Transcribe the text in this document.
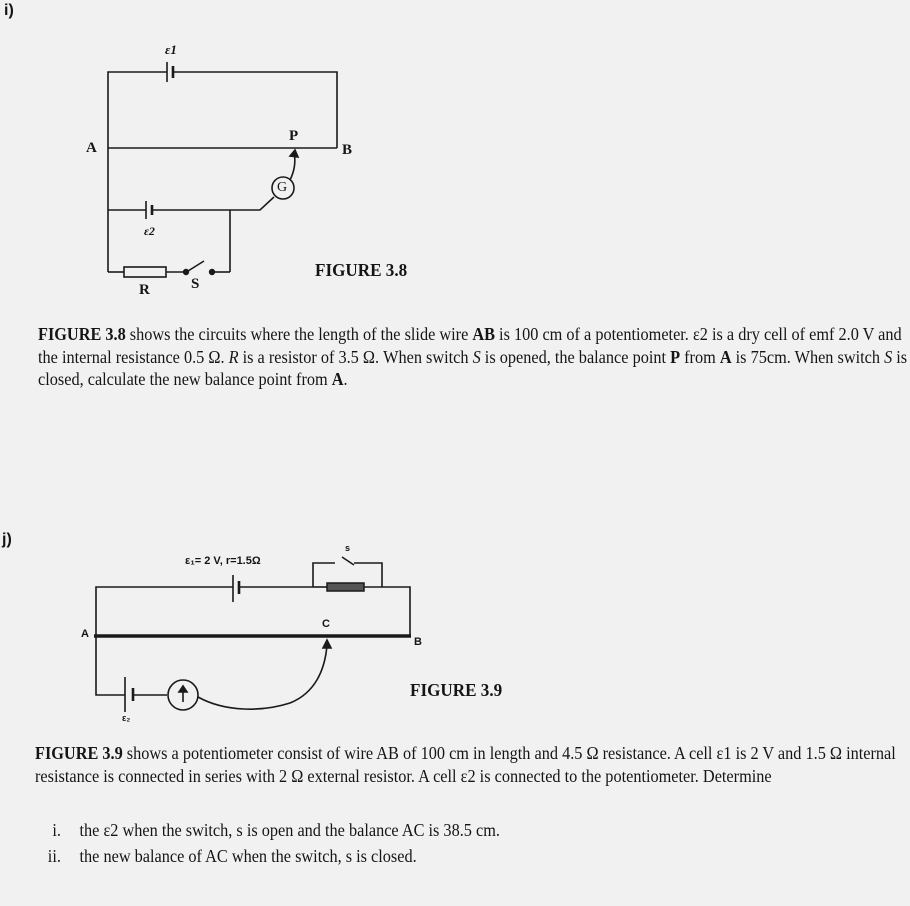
i)
ε1
A	B
P
G
ε2
R	S
FIGURE 3.8
FIGURE 3.8 shows the circuits where the length of the slide wire AB is 100 cm of a potentiometer. ε2 is a dry cell of emf 2.0 V and the internal resistance 0.5 Ω. R is a resistor of 3.5 Ω. When switch S is opened, the balance point P from A is 75cm. When switch S is closed, calculate the new balance point from A.
j)
ε₁= 2 V, r=1.5Ω
s
A
B
C
ε₂
FIGURE 3.9
FIGURE 3.9 shows a potentiometer consist of wire AB of 100 cm in length and 4.5 Ω resistance. A cell ε1 is 2 V and 1.5 Ω internal resistance is connected in series with 2 Ω external resistor. A cell ε2 is connected to the potentiometer. Determine
i. the ε2 when the switch, s is open and the balance AC is 38.5 cm.
ii. the new balance of AC when the switch, s is closed.
